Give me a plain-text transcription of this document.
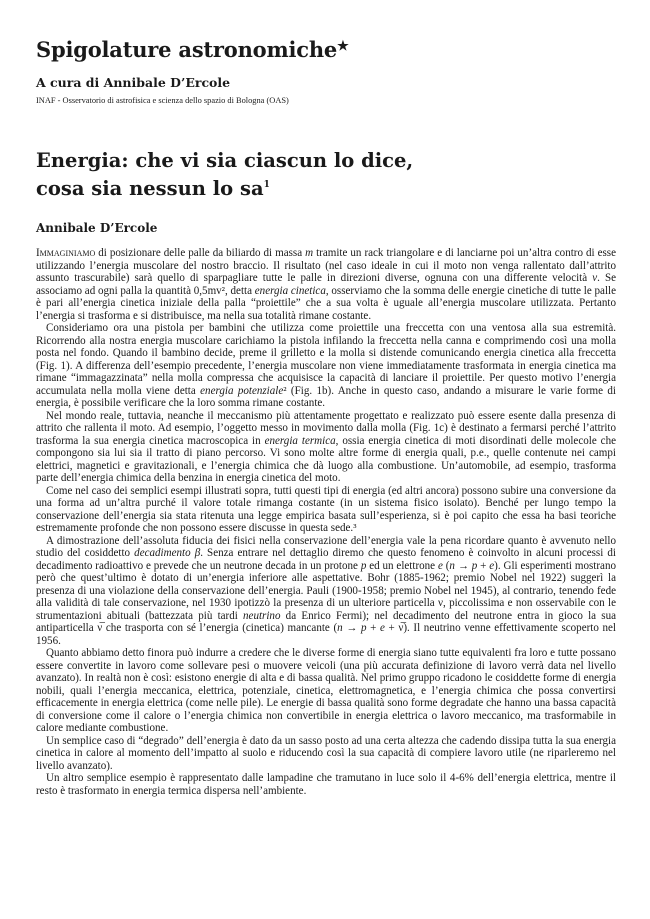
Spigolature astronomiche★
A cura di Annibale D’Ercole
INAF - Osservatorio di astrofisica e scienza dello spazio di Bologna (OAS)
Energia: che vi sia ciascun lo dice,
cosa sia nessun lo $sa^1$
Annibale D’Ercole

Immaginiamo di posizionare delle palle da biliardo di massa m tramite un rack triangolare e di lanciarne poi un’altra contro di esse utilizzando l’energia muscolare del nostro braccio. Il risultato (nel caso ideale in cui il moto non venga rallentato dall’attrito assunto trascurabile) sarà quello di sparpagliare tutte le palle in direzioni diverse, ognuna con una differente velocità v. Se associamo ad ogni palla la quantità 0,5mv², detta energia cinetica, osserviamo che la somma delle energie cinetiche di tutte le palle è pari all’energia cinetica iniziale della palla “proiettile” che a sua volta è uguale all’energia muscolare utilizzata. Pertanto l’energia si trasforma e si distribuisce, ma nella sua totalità rimane costante.

Consideriamo ora una pistola per bambini che utilizza come proiettile una freccetta con una ventosa alla sua estremità. Ricorrendo alla nostra energia muscolare carichiamo la pistola infilando la freccetta nella canna e comprimendo così una molla posta nel fondo. Quando il bambino decide, preme il grilletto e la molla si distende comunicando energia cinetica alla freccetta (Fig. 1). A differenza dell’esempio precedente, l’energia muscolare non viene immediatamente trasformata in energia cinetica ma rimane “immagazzinata” nella molla compressa che acquisisce la capacità di lanciare il proiettile. Per questo motivo l’energia accumulata nella molla viene detta energia potenziale² (Fig. 1b). Anche in questo caso, andando a misurare le varie forme di energia, è possibile verificare che la loro somma rimane costante.

Nel mondo reale, tuttavia, neanche il meccanismo più attentamente progettato e realizzato può essere esente dalla presenza di attrito che rallenta il moto. Ad esempio, l’oggetto messo in movimento dalla molla (Fig. 1c) è destinato a fermarsi perché l’attrito trasforma la sua energia cinetica macroscopica in energia termica, ossia energia cinetica di moti disordinati delle molecole che compongono sia lui sia il tratto di piano percorso. Vi sono molte altre forme di energia quali, p.e., quelle contenute nei campi elettrici, magnetici e gravitazionali, e l’energia chimica che dà luogo alla combustione. Un’automobile, ad esempio, trasforma parte dell’energia chimica della benzina in energia cinetica del moto.

Come nel caso dei semplici esempi illustrati sopra, tutti questi tipi di energia (ed altri ancora) possono subire una conversione da una forma ad un’altra purché il valore totale rimanga costante (in un sistema fisico isolato). Benché per lungo tempo la conservazione dell’energia sia stata ritenuta una legge empirica basata sull’esperienza, si è poi capito che essa ha basi teoriche estremamente profonde che non possono essere discusse in questa sede.³

A dimostrazione dell’assoluta fiducia dei fisici nella conservazione dell’energia vale la pena ricordare quanto è avvenuto nello studio del cosiddetto decadimento β. Senza entrare nel dettaglio diremo che questo fenomeno è coinvolto in alcuni processi di decadimento radioattivo e prevede che un neutrone decada in un protone p ed un elettrone e (n → p + e). Gli esperimenti mostrano però che quest’ultimo è dotato di un’energia inferiore alle aspettative. Bohr (1885-1962; premio Nobel nel 1922) suggerì la presenza di una violazione della conservazione dell’energia. Pauli (1900-1958; premio Nobel nel 1945), al contrario, tenendo fede alla validità di tale conservazione, nel 1930 ipotizzò la presenza di un ulteriore particella ν, piccolissima e non osservabile con le strumentazioni abituali (battezzata più tardi neutrino da Enrico Fermi); nel decadimento del neutrone entra in gioco la sua antiparticella ν̅ che trasporta con sé l’energia (cinetica) mancante (n → p + e + ν̅). Il neutrino venne effettivamente scoperto nel 1956.

Quanto abbiamo detto finora può indurre a credere che le diverse forme di energia siano tutte equivalenti fra loro e tutte possano essere convertite in lavoro come sollevare pesi o muovere veicoli (una più accurata definizione di lavoro verrà data nel livello avanzato). In realtà non è così: esistono energie di alta e di bassa qualità. Nel primo gruppo ricadono le cosiddette forme di energia nobili, quali l’energia meccanica, elettrica, potenziale, cinetica, elettromagnetica, e l’energia chimica che possa convertirsi efficacemente in energia elettrica (come nelle pile). Le energie di bassa qualità sono forme degradate che hanno una bassa capacità di conversione come il calore o l’energia chimica non convertibile in energia elettrica o lavoro meccanico, ma trasformabile in calore mediante combustione.

Un semplice caso di “degrado” dell’energia è dato da un sasso posto ad una certa altezza che cadendo dissipa tutta la sua energia cinetica in calore al momento dell’impatto al suolo e riducendo così la sua capacità di compiere lavoro utile (ne riparleremo nel livello avanzato).

Un altro semplice esempio è rappresentato dalle lampadine che tramutano in luce solo il 4-6% dell’energia elettrica, mentre il resto è trasformato in energia termica dispersa nell’ambiente.
